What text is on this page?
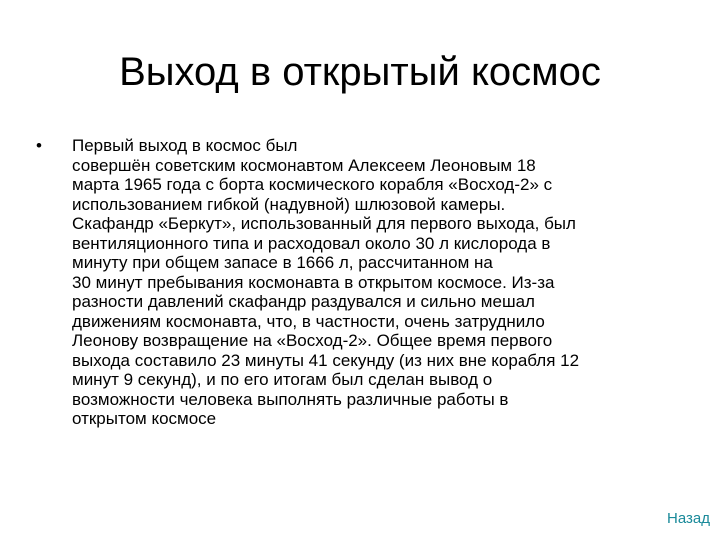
Выход в открытый космос
• Первый выход в космос был
совершён советским космонавтом Алексеем Леоновым 18
марта 1965 года с борта космического корабля «Восход-2» с
использованием гибкой (надувной) шлюзовой камеры.
Скафандр «Беркут», использованный для первого выхода, был
вентиляционного типа и расходовал около 30 л кислорода в
минуту при общем запасе в 1666 л, рассчитанном на
30 минут пребывания космонавта в открытом космосе. Из-за
разности давлений скафандр раздувался и сильно мешал
движениям космонавта, что, в частности, очень затруднило
Леонову возвращение на «Восход-2». Общее время первого
выхода составило 23 минуты 41 секунду (из них вне корабля 12
минут 9 секунд), и по его итогам был сделан вывод о
возможности человека выполнять различные работы в
открытом космосе
Назад
